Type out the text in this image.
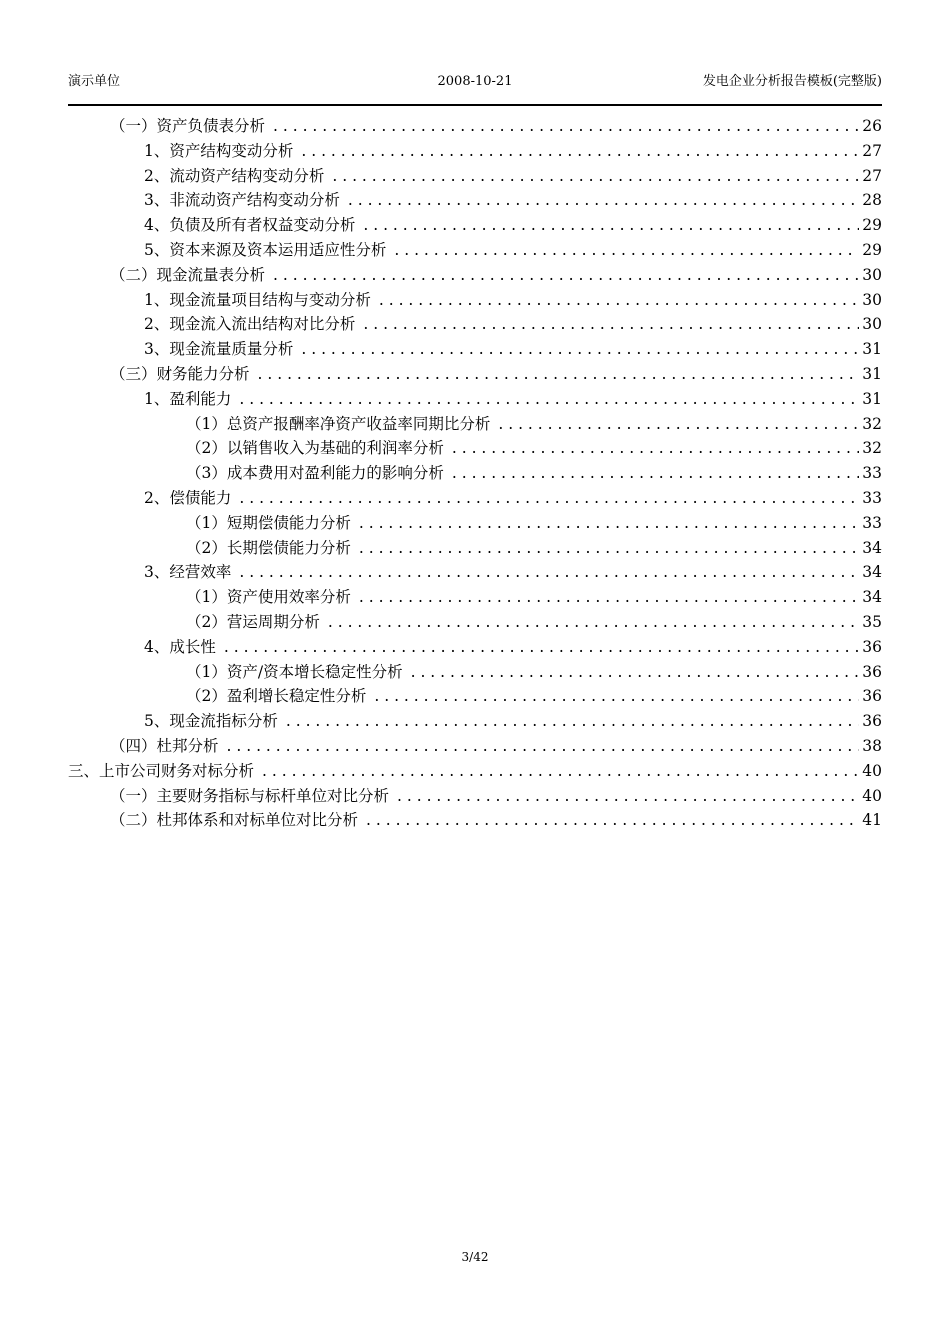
演示单位	2008-10-21	发电企业分析报告模板(完整版)
（一）资产负债表分析 . . .	26
1、资产结构变动分析 . . .	27
2、流动资产结构变动分析 . . .	27
3、非流动资产结构变动分析 . . .	28
4、负债及所有者权益变动分析 . . .	29
5、资本来源及资本运用适应性分析 . . .	29
（二）现金流量表分析 . . .	30
1、现金流量项目结构与变动分析 . . .	30
2、现金流入流出结构对比分析 . . .	30
3、现金流量质量分析 . . .	31
（三）财务能力分析 . . .	31
1、盈利能力 . . .	31
（1）总资产报酬率净资产收益率同期比分析 . . .	32
（2）以销售收入为基础的利润率分析 . . .	32
（3）成本费用对盈利能力的影响分析 . . .	33
2、偿债能力 . . .	33
（1）短期偿债能力分析 . . .	33
（2）长期偿债能力分析 . . .	34
3、经营效率 . . .	34
（1）资产使用效率分析 . . .	34
（2）营运周期分析 . . .	35
4、成长性 . . .	36
（1）资产/资本增长稳定性分析 . . .	36
（2）盈利增长稳定性分析 . . .	36
5、现金流指标分析 . . .	36
（四）杜邦分析 . . .	38
三、上市公司财务对标分析 . . .	40
（一）主要财务指标与标杆单位对比分析 . . .	40
（二）杜邦体系和对标单位对比分析 . . .	41
3/42
